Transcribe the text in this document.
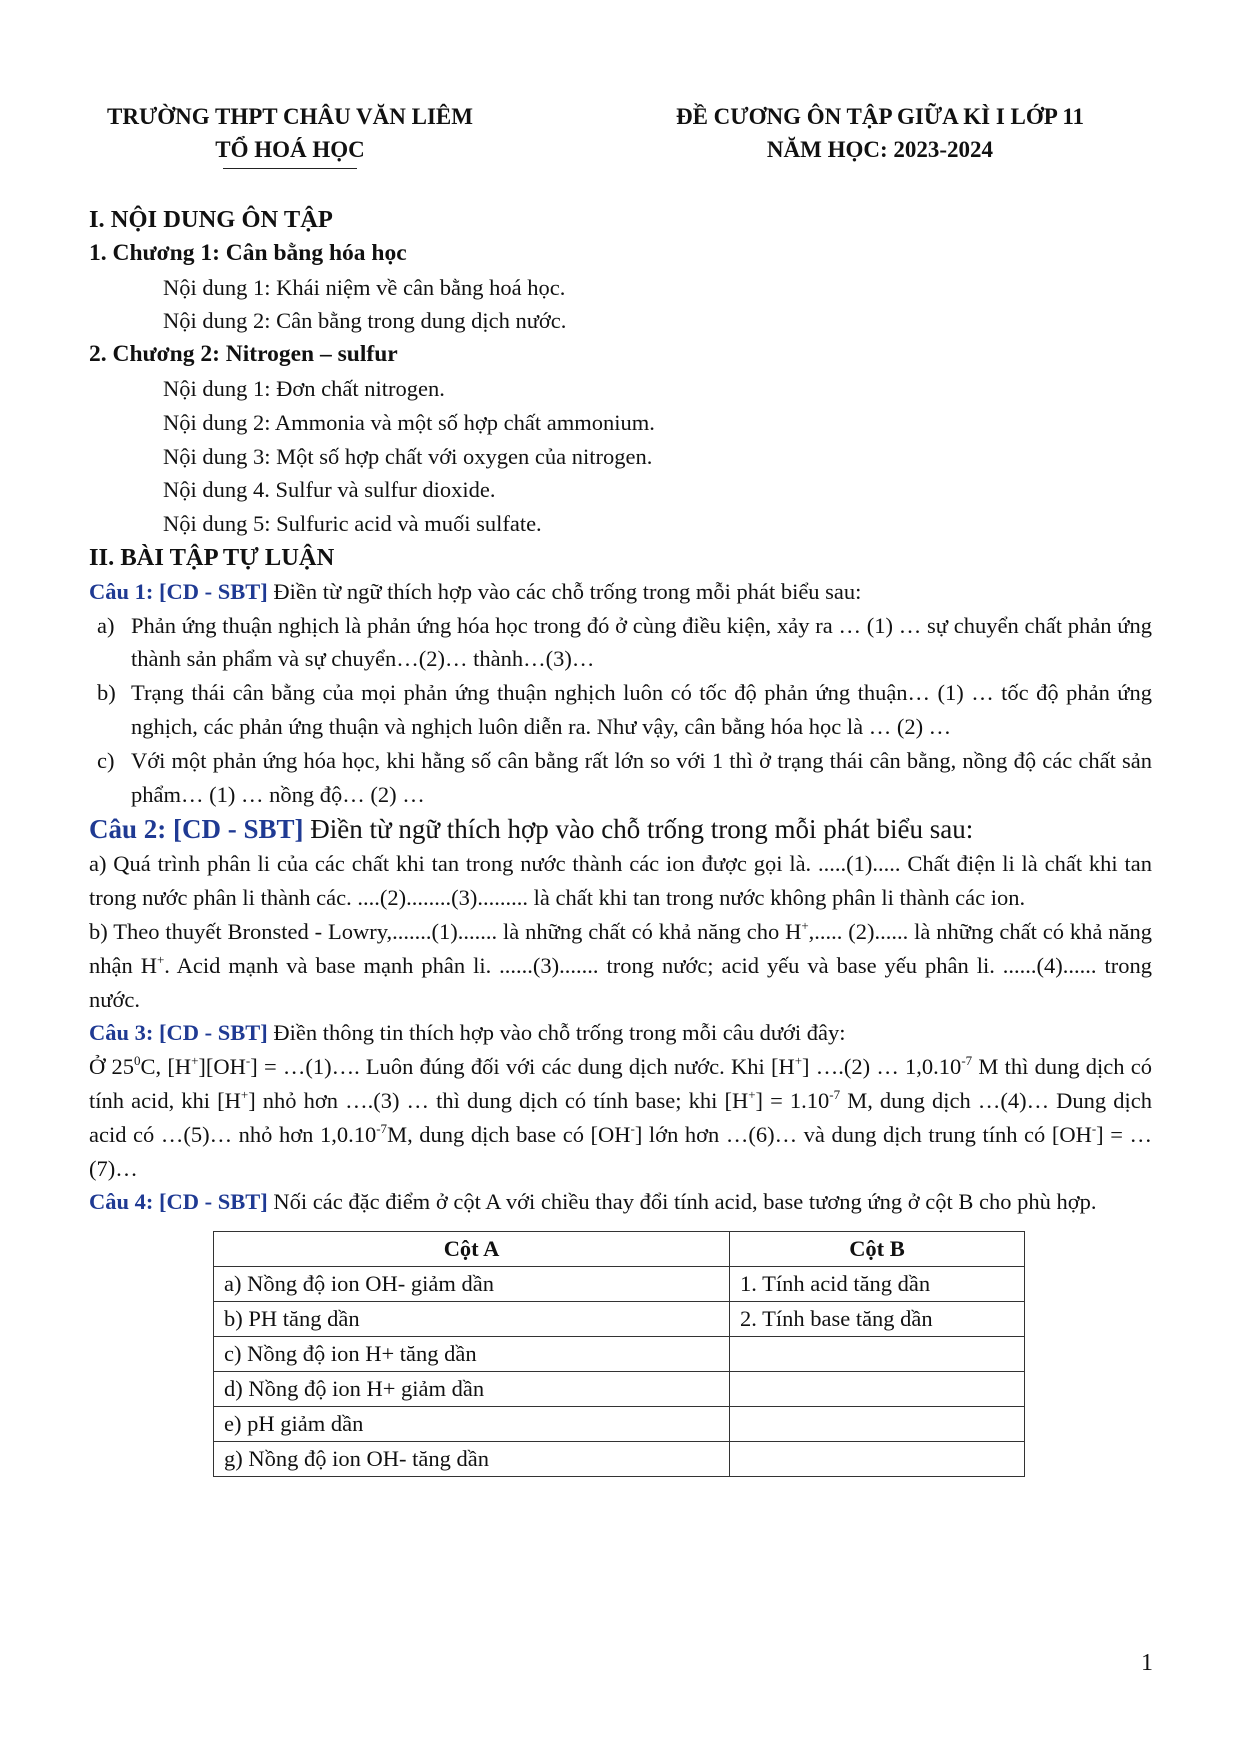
TRƯỜNG THPT CHÂU VĂN LIÊM
TỔ HOÁ HỌC
ĐỀ CƯƠNG ÔN TẬP GIỮA KÌ I LỚP 11
NĂM HỌC: 2023-2024
I. NỘI DUNG ÔN TẬP
1. Chương 1: Cân bằng hóa học
Nội dung 1: Khái niệm về cân bằng hoá học.
Nội dung 2: Cân bằng trong dung dịch nước.
2. Chương 2: Nitrogen – sulfur
Nội dung 1: Đơn chất nitrogen.
Nội dung 2: Ammonia và một số hợp chất ammonium.
Nội dung 3: Một số hợp chất với oxygen của nitrogen.
Nội dung 4. Sulfur và sulfur dioxide.
Nội dung 5: Sulfuric acid và muối sulfate.
II. BÀI TẬP TỰ LUẬN
Câu 1: [CD - SBT] Điền từ ngữ thích hợp vào các chỗ trống trong mỗi phát biểu sau:
a) Phản ứng thuận nghịch là phản ứng hóa học trong đó ở cùng điều kiện, xảy ra … (1) … sự chuyển chất phản ứng thành sản phẩm và sự chuyển…(2)… thành…(3)…
b) Trạng thái cân bằng của mọi phản ứng thuận nghịch luôn có tốc độ phản ứng thuận… (1) … tốc độ phản ứng nghịch, các phản ứng thuận và nghịch luôn diễn ra. Như vậy, cân bằng hóa học là … (2) …
c) Với một phản ứng hóa học, khi hằng số cân bằng rất lớn so với 1 thì ở trạng thái cân bằng, nồng độ các chất sản phẩm… (1) … nồng độ… (2) …
Câu 2: [CD - SBT] Điền từ ngữ thích hợp vào chỗ trống trong mỗi phát biểu sau:
a) Quá trình phân li của các chất khi tan trong nước thành các ion được gọi là. .....(1)..... Chất điện li là chất khi tan trong nước phân li thành các. ....(2)........(3)......... là chất khi tan trong nước không phân li thành các ion.
b) Theo thuyết Bronsted - Lowry,.......(1)....... là những chất có khả năng cho H+,..... (2)...... là những chất có khả năng nhận H+. Acid mạnh và base mạnh phân li. ......(3)....... trong nước; acid yếu và base yếu phân li. ......(4)...... trong nước.
Câu 3: [CD - SBT] Điền thông tin thích hợp vào chỗ trống trong mỗi câu dưới đây:
Ở $25^0C$, [H+][OH-] = …(1)…. Luôn đúng đối với các dung dịch nước. Khi [H+] ….(2) … $1,0.10^{-7}$ M thì dung dịch có tính acid, khi [H+] nhỏ hơn ….(3) … thì dung dịch có tính base; khi $[H^+] = 1.10^{-7}$ M, dung dịch …(4)… Dung dịch acid có …(5)… nhỏ hơn $1,0.10^{-7}M$, dung dịch base có [OH-] lớn hơn …(6)… và dung dịch trung tính có [OH-] = …(7)…
Câu 4: [CD - SBT] Nối các đặc điểm ở cột A với chiều thay đổi tính acid, base tương ứng ở cột B cho phù hợp.
Cột A	Cột B
a) Nồng độ ion OH- giảm dần	1. Tính acid tăng dần
b) PH tăng dần	2. Tính base tăng dần
c) Nồng độ ion H+ tăng dần	
d) Nồng độ ion H+ giảm dần	
e) pH giảm dần	
g) Nồng độ ion OH- tăng dần	
1
